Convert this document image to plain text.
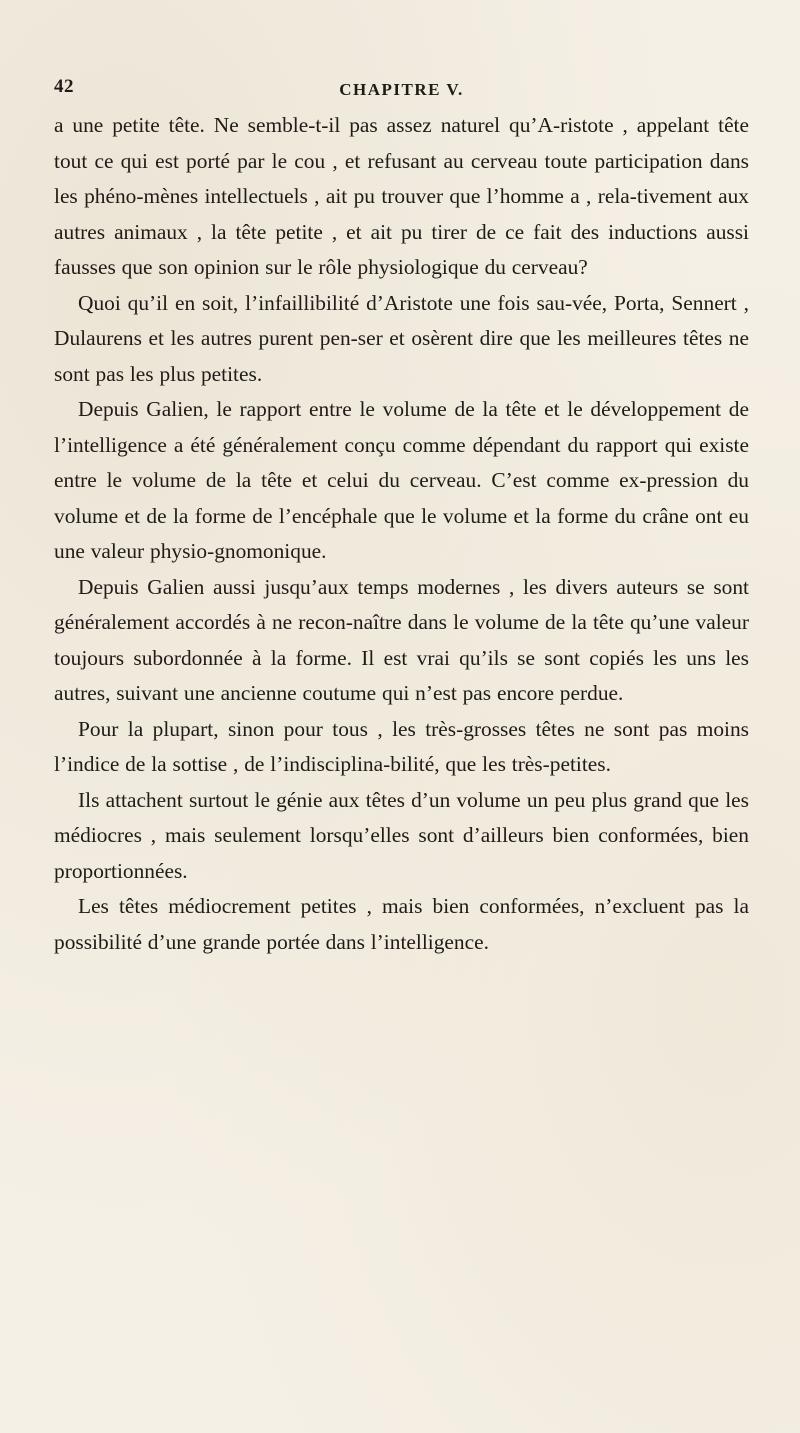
42	CHAPITRE V.

a une petite tête. Ne semble-t-il pas assez naturel qu’A-ristote , appelant tête tout ce qui est porté par le cou , et refusant au cerveau toute participation dans les phéno-mènes intellectuels , ait pu trouver que l’homme a , rela-tivement aux autres animaux , la tête petite , et ait pu tirer de ce fait des inductions aussi fausses que son opinion sur le rôle physiologique du cerveau?

Quoi qu’il en soit, l’infaillibilité d’Aristote une fois sau-vée, Porta, Sennert , Dulaurens et les autres purent pen-ser et osèrent dire que les meilleures têtes ne sont pas les plus petites.

Depuis Galien, le rapport entre le volume de la tête et le développement de l’intelligence a été généralement conçu comme dépendant du rapport qui existe entre le volume de la tête et celui du cerveau. C’est comme ex-pression du volume et de la forme de l’encéphale que le volume et la forme du crâne ont eu une valeur physio-gnomonique.

Depuis Galien aussi jusqu’aux temps modernes , les divers auteurs se sont généralement accordés à ne recon-naître dans le volume de la tête qu’une valeur toujours subordonnée à la forme. Il est vrai qu’ils se sont copiés les uns les autres, suivant une ancienne coutume qui n’est pas encore perdue.

Pour la plupart, sinon pour tous , les très-grosses têtes ne sont pas moins l’indice de la sottise , de l’indisciplina-bilité, que les très-petites.

Ils attachent surtout le génie aux têtes d’un volume un peu plus grand que les médiocres , mais seulement lorsqu’elles sont d’ailleurs bien conformées, bien proportionnées.

Les têtes médiocrement petites , mais bien conformées, n’excluent pas la possibilité d’une grande portée dans l’intelligence.
